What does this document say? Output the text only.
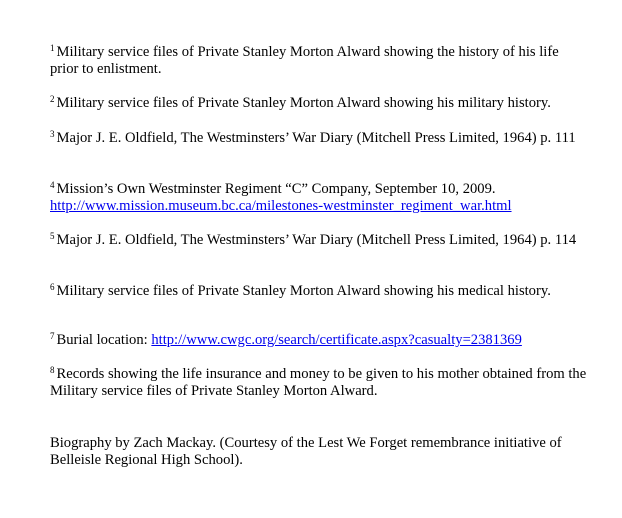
$^1$ Military service files of Private Stanley Morton Alward showing the history of his life prior to enlistment.

$^2$ Military service files of Private Stanley Morton Alward showing his military history.

$^3$ Major J. E. Oldfield, The Westminsters’ War Diary (Mitchell Press Limited, 1964) p. 111

$^4$ Mission’s Own Westminster Regiment “C” Company, September 10, 2009.
http://www.mission.museum.bc.ca/milestones-westminster_regiment_war.html

$^5$ Major J. E. Oldfield, The Westminsters’ War Diary (Mitchell Press Limited, 1964) p. 114

$^6$ Military service files of Private Stanley Morton Alward showing his medical history.

$^7$ Burial location: http://www.cwgc.org/search/certificate.aspx?casualty=2381369

$^8$ Records showing the life insurance and money to be given to his mother obtained from the Military service files of Private Stanley Morton Alward.

Biography by Zach Mackay. (Courtesy of the Lest We Forget remembrance initiative of Belleisle Regional High School).
